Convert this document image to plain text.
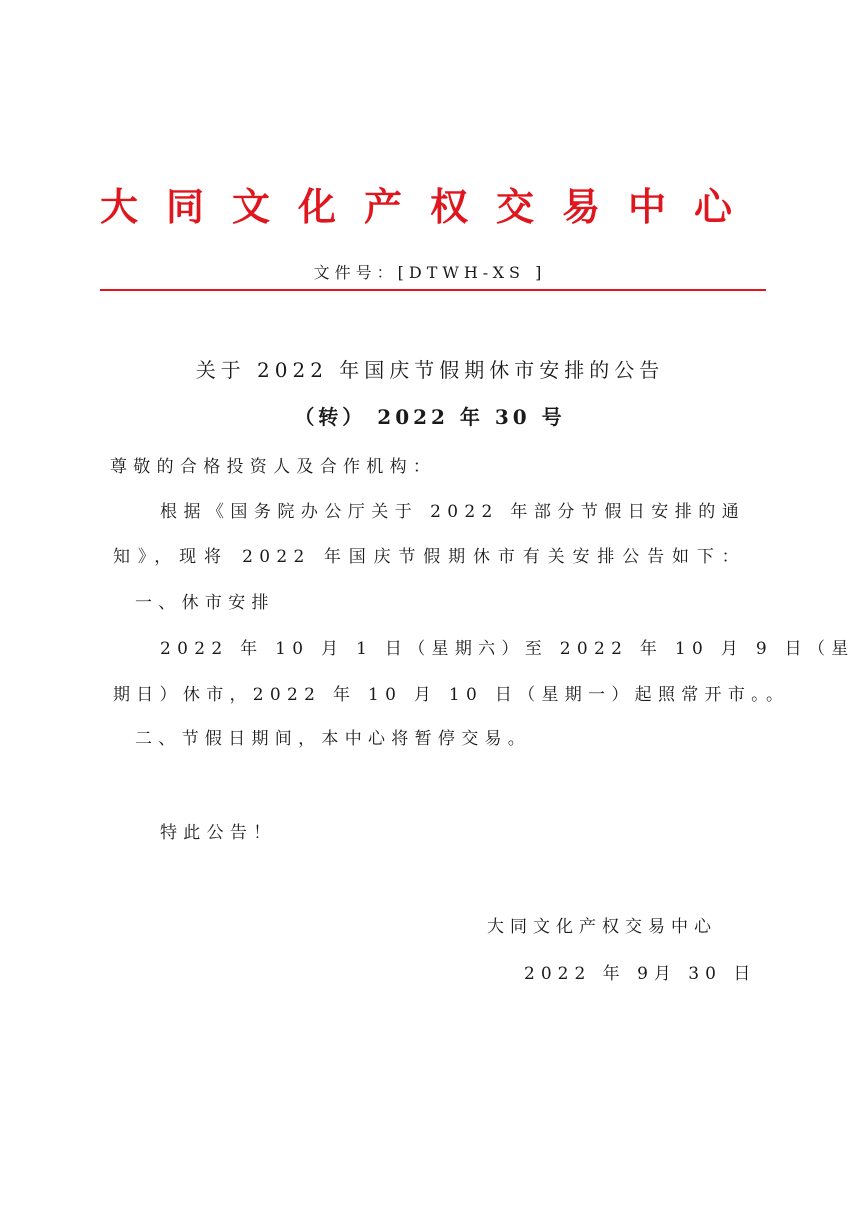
大同文化产权交易中心
文件号：[DTWH-XS ]
关于 2022 年国庆节假期休市安排的公告
（转） 2022 年 30 号
尊敬的合格投资人及合作机构：
根据《国务院办公厅关于 2022 年部分节假日安排的通
知》，现将 2022 年国庆节假期休市有关安排公告如下：
一、休市安排
2022 年 10 月 1 日（星期六）至 2022 年 10 月 9 日（星
期日）休市，2022 年 10 月 10 日（星期一）起照常开市。。
二、节假日期间，本中心将暂停交易。
特此公告！
大同文化产权交易中心
2022 年 9月 30 日
